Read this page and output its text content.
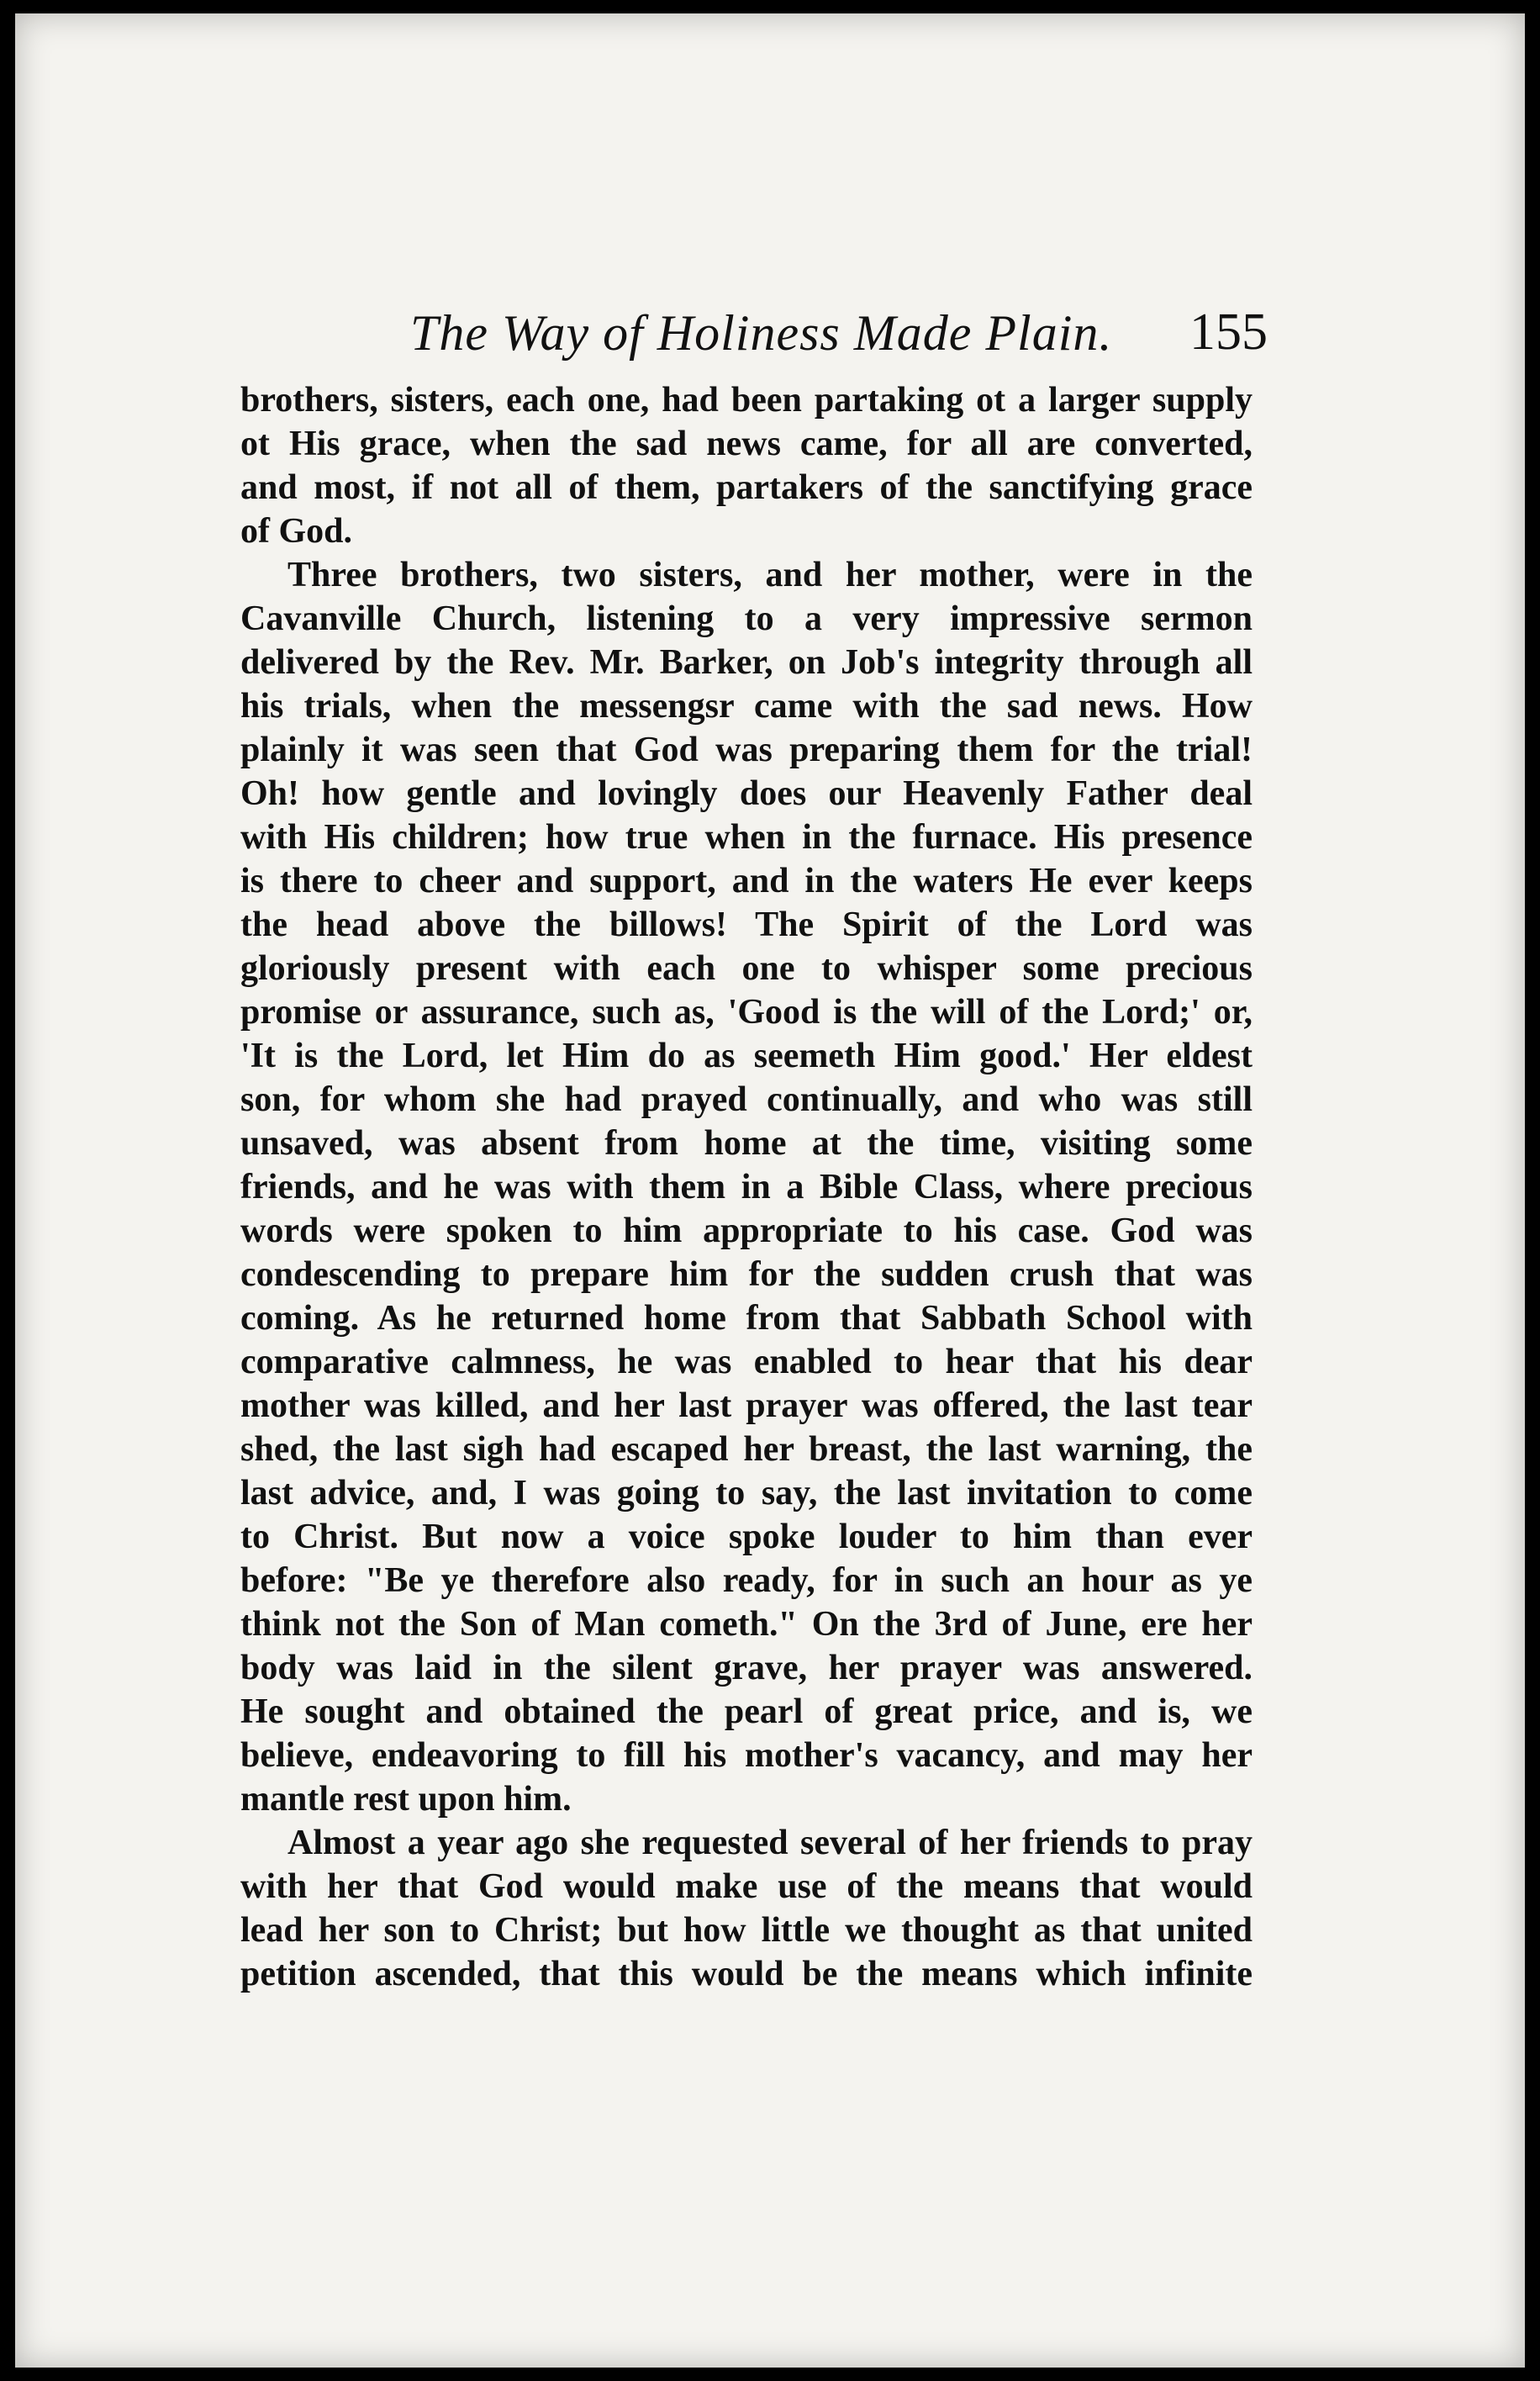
The Way of Holiness Made Plain. 155
brothers, sisters, each one, had been partaking ot a larger supply
ot His grace, when the sad news came, for all are converted,
and most, if not all of them, partakers of the sanctifying grace
of God.
Three brothers, two sisters, and her mother, were in the
Cavanville Church, listening to a very impressive sermon
delivered by the Rev. Mr. Barker, on Job's integrity through all
his trials, when the messengsr came with the sad news. How
plainly it was seen that God was preparing them for the trial!
Oh! how gentle and lovingly does our Heavenly Father deal
with His children; how true when in the furnace. His presence
is there to cheer and support, and in the waters He ever keeps
the head above the billows! The Spirit of the Lord was
gloriously present with each one to whisper some precious
promise or assurance, such as, 'Good is the will of the Lord;' or,
'It is the Lord, let Him do as seemeth Him good.' Her eldest
son, for whom she had prayed continually, and who was still
unsaved, was absent from home at the time, visiting some
friends, and he was with them in a Bible Class, where precious
words were spoken to him appropriate to his case. God was
condescending to prepare him for the sudden crush that was
coming. As he returned home from that Sabbath School with
comparative calmness, he was enabled to hear that his dear
mother was killed, and her last prayer was offered, the last tear
shed, the last sigh had escaped her breast, the last warning, the
last advice, and, I was going to say, the last invitation to come
to Christ. But now a voice spoke louder to him than ever
before: "Be ye therefore also ready, for in such an hour as ye
think not the Son of Man cometh." On the 3rd of June, ere her
body was laid in the silent grave, her prayer was answered.
He sought and obtained the pearl of great price, and is, we
believe, endeavoring to fill his mother's vacancy, and may her
mantle rest upon him.
Almost a year ago she requested several of her friends to pray
with her that God would make use of the means that would
lead her son to Christ; but how little we thought as that united
petition ascended, that this would be the means which infinite
